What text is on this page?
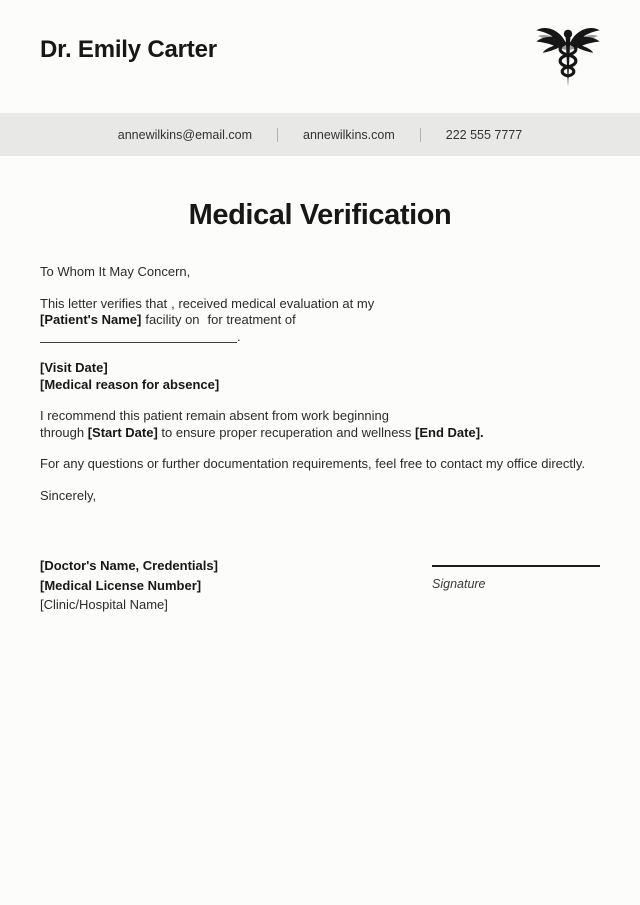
Dr. Emily Carter
annewilkins@email.com	annewilkins.com	222 555 7777
Medical Verification

To Whom It May Concern,

This letter verifies that , received medical evaluation at my
[Patient's Name] facility on for treatment of
.
[Visit Date]
[Medical reason for absence]
I recommend this patient remain absent from work beginning
through [Start Date] to ensure proper recuperation and wellness [End Date].

For any questions or further documentation requirements, feel free to contact my office directly.

Sincerely,

[Doctor's Name, Credentials]
[Medical License Number]
[Clinic/Hospital Name]
Signature
